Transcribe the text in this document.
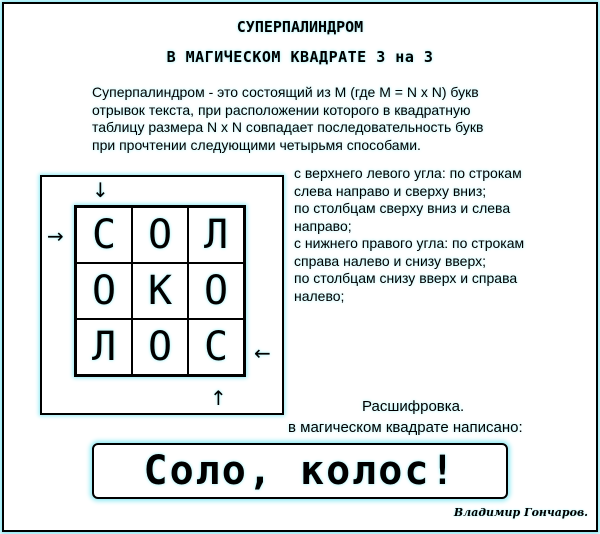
СУПЕРПАЛИНДРОМ
В МАГИЧЕСКОМ КВАДРАТЕ 3 на 3
Суперпалиндром - это состоящий из M (где M = N x N) букв
отрывок текста, при расположении которого в квадратную
таблицу размера N x N совпадает последовательность букв
при прочтении следующими четырьмя способами.
С О Л
О К О
Л О С
↓
→
←
↑
с верхнего левого угла: по строкам
слева направо и сверху вниз;
по столбцам сверху вниз и слева
направо;
с нижнего правого угла: по строкам
справа налево и снизу вверх;
по столбцам снизу вверх и справа
налево;
Расшифровка.
в магическом квадрате написано:
Соло, колос!
Владимир Гончаров.
